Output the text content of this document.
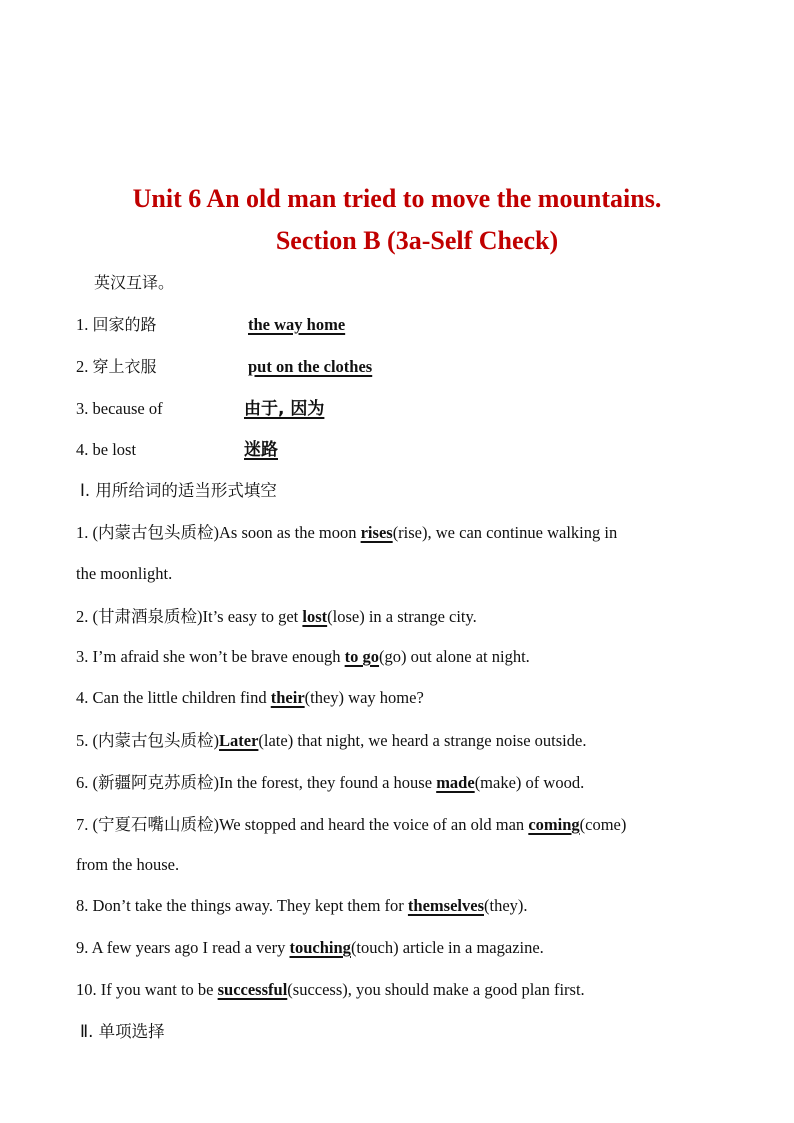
Unit 6 An old man tried to move the mountains.
Section B (3a-Self Check)
英汉互译。
1. 回家的路	the way home
2. 穿上衣服	put on the clothes
3. because of	由于, 因为
4. be lost	迷路
Ⅰ. 用所给词的适当形式填空
1. (内蒙古包头质检)As soon as the moon rises(rise), we can continue walking in
the moonlight.
2. (甘肃酒泉质检)It’s easy to get lost(lose) in a strange city.
3. I’m afraid she won’t be brave enough to go(go) out alone at night.
4. Can the little children find their(they) way home?
5. (内蒙古包头质检)Later(late) that night, we heard a strange noise outside.
6. (新疆阿克苏质检)In the forest, they found a house made(make) of wood.
7. (宁夏石嘴山质检)We stopped and heard the voice of an old man coming(come)
from the house.
8. Don’t take the things away. They kept them for themselves(they).
9. A few years ago I read a very touching(touch) article in a magazine.
10. If you want to be successful(success), you should make a good plan first.
Ⅱ. 单项选择
